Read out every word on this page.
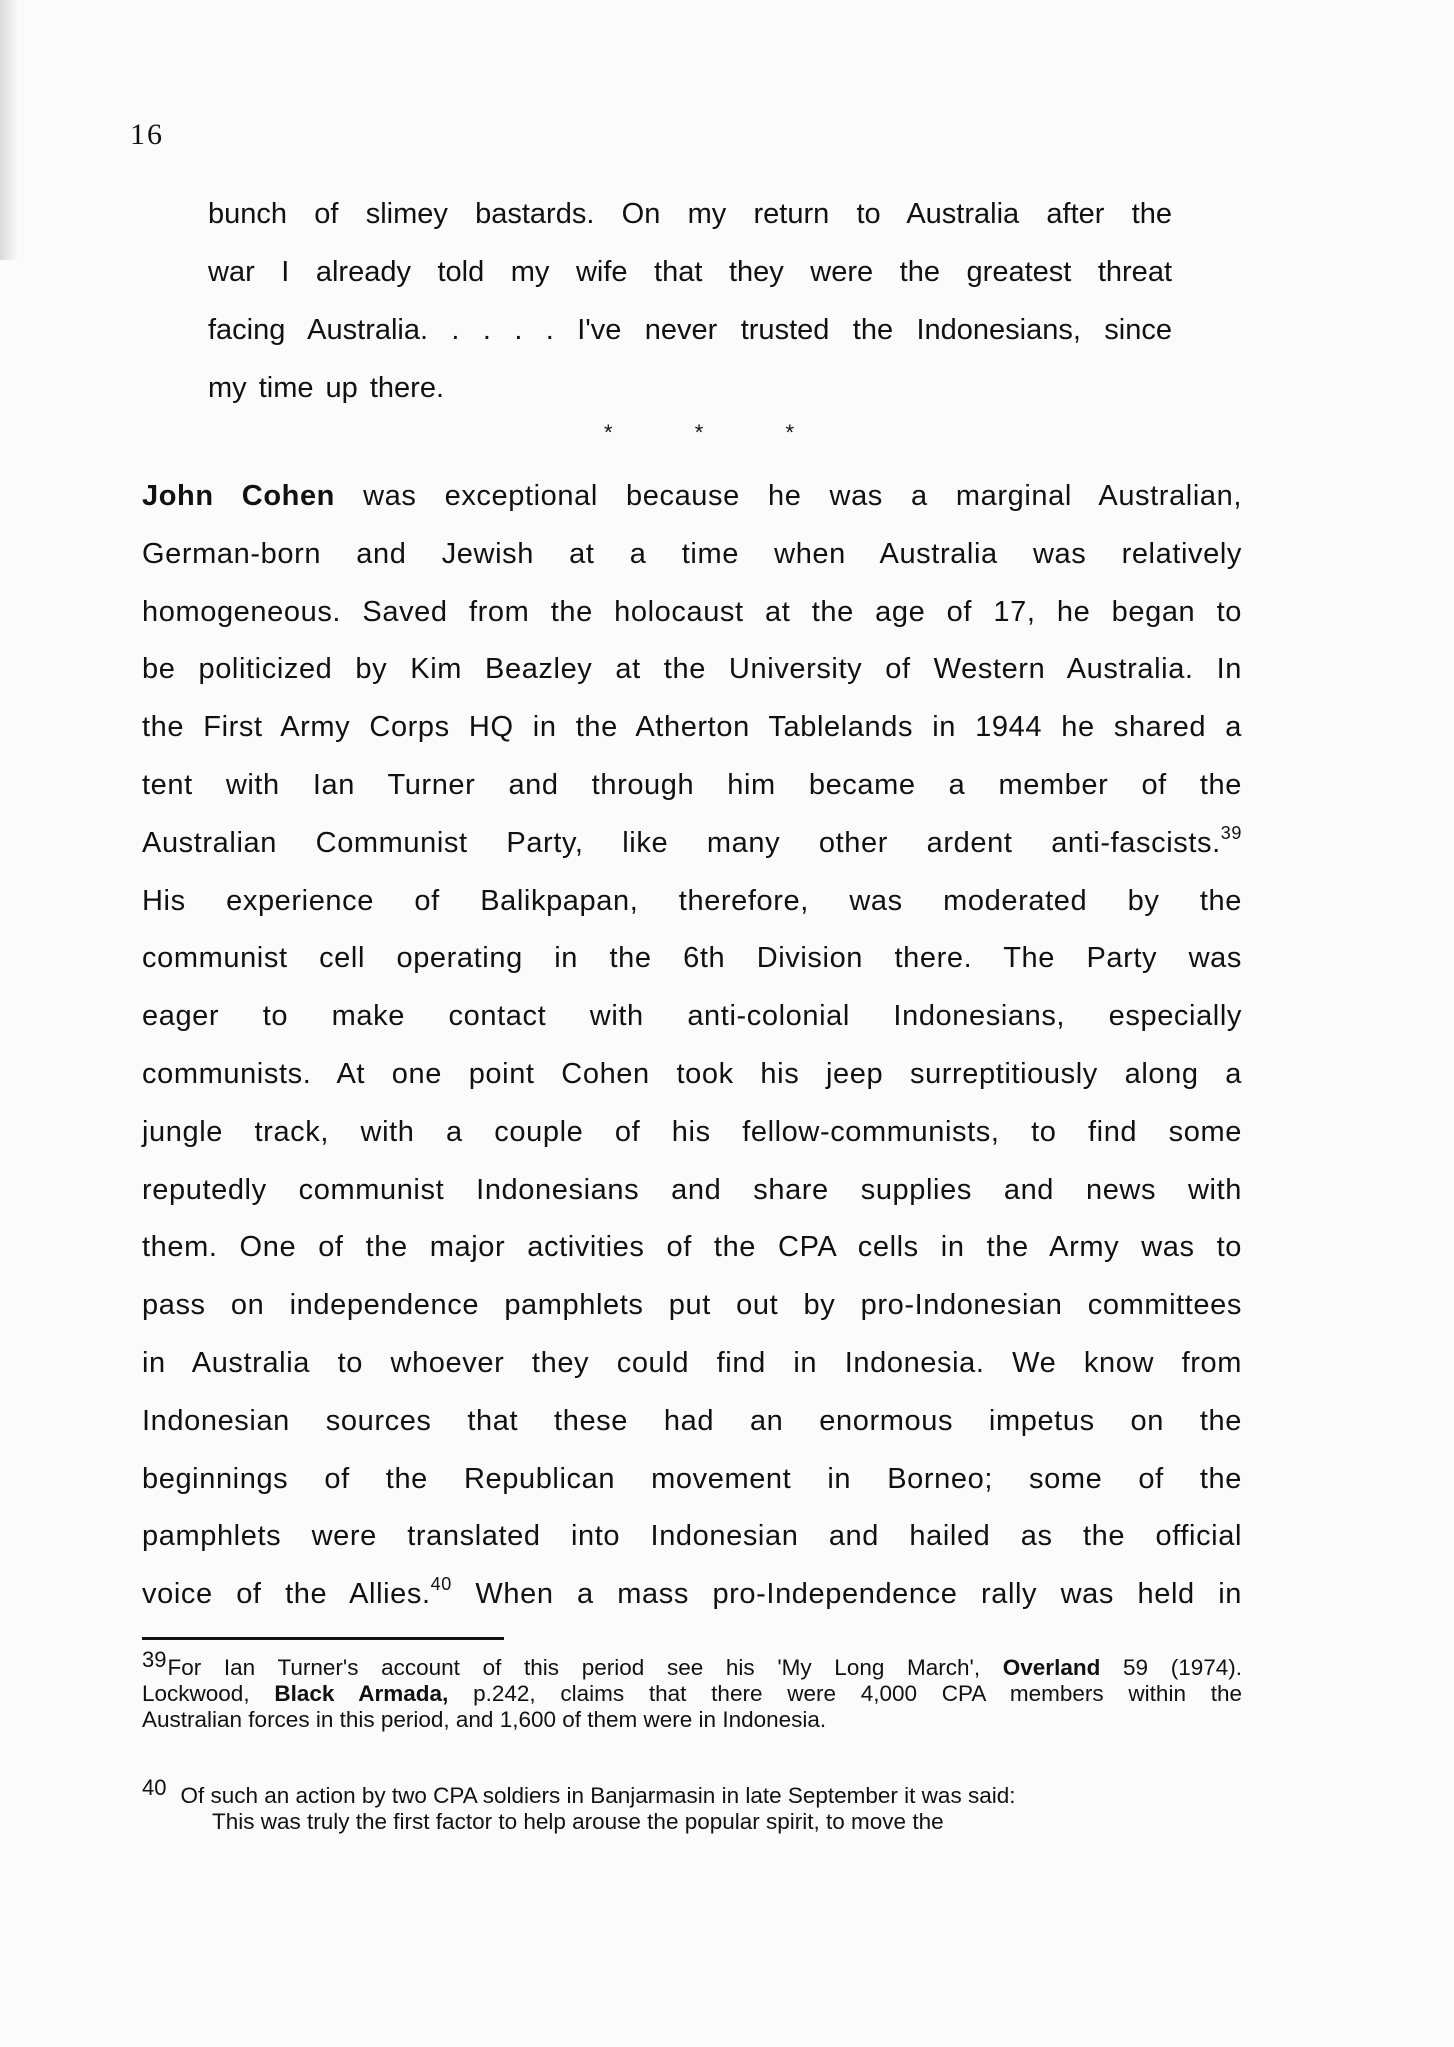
16
bunch of slimey bastards. On my return to Australia after the
war I already told my wife that they were the greatest threat
facing Australia. . . . . I've never trusted the Indonesians, since
my time up there.
*	*	*
John Cohen was exceptional because he was a marginal Australian,
German-born and Jewish at a time when Australia was relatively
homogeneous. Saved from the holocaust at the age of 17, he began to
be politicized by Kim Beazley at the University of Western Australia. In
the First Army Corps HQ in the Atherton Tablelands in 1944 he shared a
tent with Ian Turner and through him became a member of the
Australian Communist Party, like many other ardent anti-fascists.$^{39}$
His experience of Balikpapan, therefore, was moderated by the
communist cell operating in the 6th Division there. The Party was
eager to make contact with anti-colonial Indonesians, especially
communists. At one point Cohen took his jeep surreptitiously along a
jungle track, with a couple of his fellow-communists, to find some
reputedly communist Indonesians and share supplies and news with
them. One of the major activities of the CPA cells in the Army was to
pass on independence pamphlets put out by pro-Indonesian committees
in Australia to whoever they could find in Indonesia. We know from
Indonesian sources that these had an enormous impetus on the
beginnings of the Republican movement in Borneo; some of the
pamphlets were translated into Indonesian and hailed as the official
voice of the Allies.$^{40}$ When a mass pro-Independence rally was held in
39For Ian Turner's account of this period see his 'My Long March', Overland 59 (1974).
Lockwood, Black Armada, p.242, claims that there were 4,000 CPA members within the
Australian forces in this period, and 1,600 of them were in Indonesia.
40 Of such an action by two CPA soldiers in Banjarmasin in late September it was said:
This was truly the first factor to help arouse the popular spirit, to move the
